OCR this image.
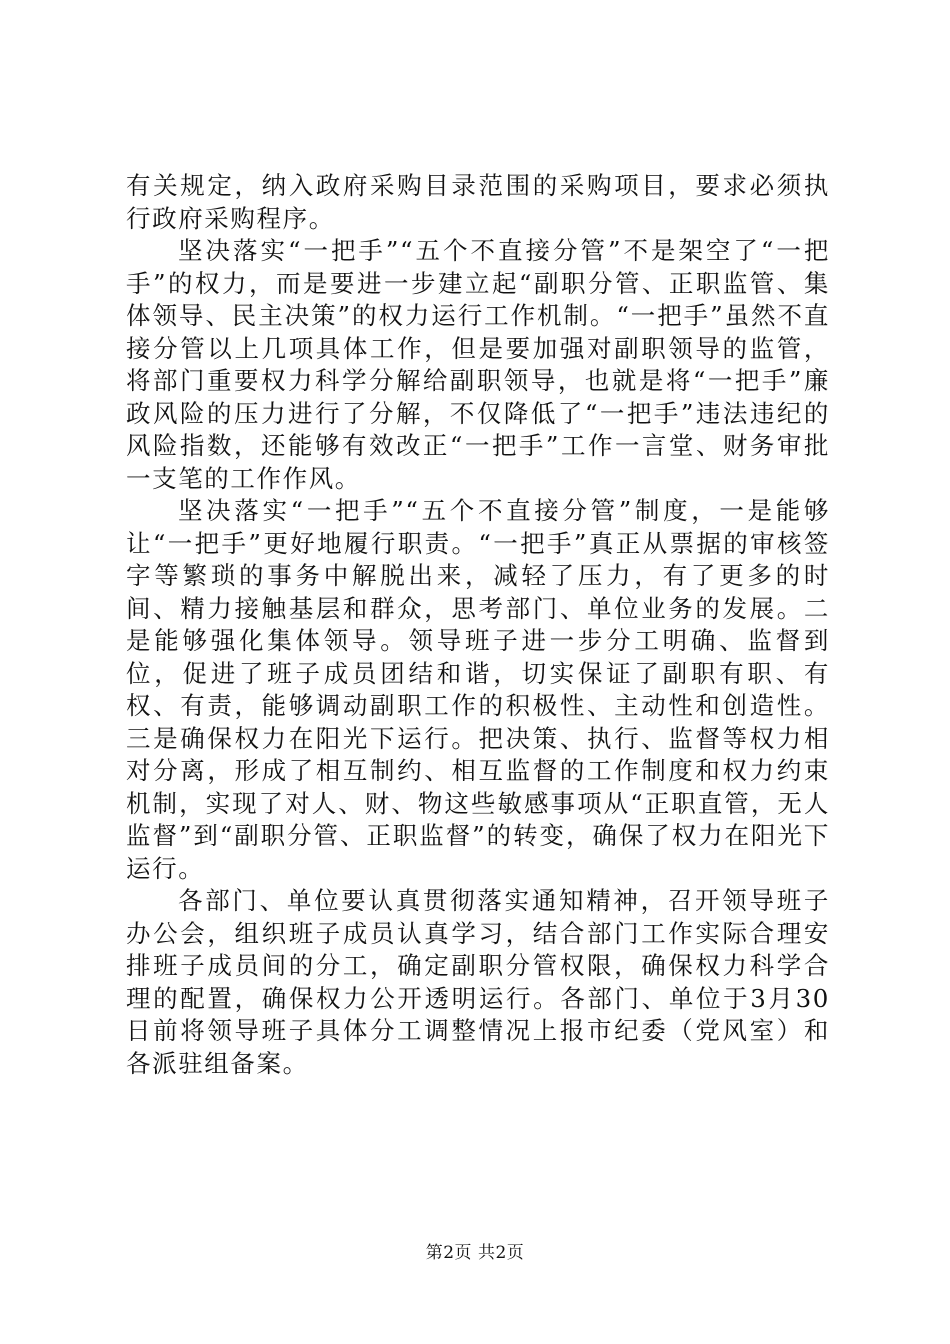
有关规定，纳入政府采购目录范围的采购项目，要求必须执行政府采购程序。

坚决落实“一把手”“五个不直接分管”不是架空了“一把手”的权力，而是要进一步建立起“副职分管、正职监管、集体领导、民主决策”的权力运行工作机制。“一把手”虽然不直接分管以上几项具体工作，但是要加强对副职领导的监管，将部门重要权力科学分解给副职领导，也就是将“一把手”廉政风险的压力进行了分解，不仅降低了“一把手”违法违纪的风险指数，还能够有效改正“一把手”工作一言堂、财务审批一支笔的工作作风。

坚决落实“一把手”“五个不直接分管”制度，一是能够让“一把手”更好地履行职责。“一把手”真正从票据的审核签字等繁琐的事务中解脱出来，减轻了压力，有了更多的时间、精力接触基层和群众，思考部门、单位业务的发展。二是能够强化集体领导。领导班子进一步分工明确、监督到位，促进了班子成员团结和谐，切实保证了副职有职、有权、有责，能够调动副职工作的积极性、主动性和创造性。三是确保权力在阳光下运行。把决策、执行、监督等权力相对分离，形成了相互制约、相互监督的工作制度和权力约束机制，实现了对人、财、物这些敏感事项从“正职直管，无人监督”到“副职分管、正职监督”的转变，确保了权力在阳光下运行。

各部门、单位要认真贯彻落实通知精神，召开领导班子办公会，组织班子成员认真学习，结合部门工作实际合理安排班子成员间的分工，确定副职分管权限，确保权力科学合理的配置，确保权力公开透明运行。各部门、单位于3月30日前将领导班子具体分工调整情况上报市纪委（党风室）和各派驻组备案。

第2页 共2页
